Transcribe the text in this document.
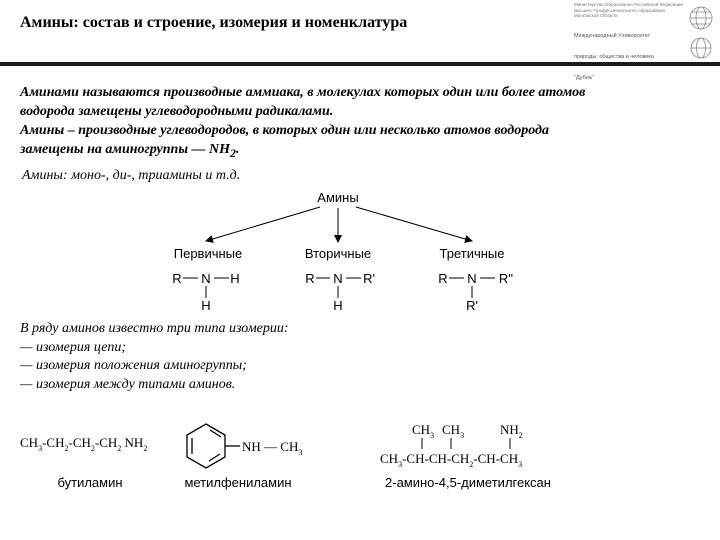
Амины: состав и строение, изомерия и номенклатура
Министерство Образования Российской Федерации
Высшего Профессионального образования
Московской Области
Международный Университет
природы, общества и человека
"Дубна"

Аминами называются производные аммиака, в молекулах которых один или более атомов

водорода замещены углеводородными радикалами.

Амины – производные углеводородов, в которых один или несколько атомов водорода

замещены на аминогруппы — $NH_2$.

Амины: моно-, ди-, триамины и т.д.
Амины
Первичные
R N H
H
Вторичные
R N R'
H
Третичные
R N R''
R'

В ряду аминов известно три типа изомерии:

— изомерия цепи;

— изомерия положения аминогруппы;

— изомерия между типами аминов.

$CH_3-CH_2-CH_2-CH_2$ $NH_2$
бутиламин
NH — $CH_3$
метилфениламин
$CH_3$ $CH_3$	$NH_2$
$CH_3-CH-CH-CH_2-CH-CH_3$
2-амино-4,5-диметилгексан
